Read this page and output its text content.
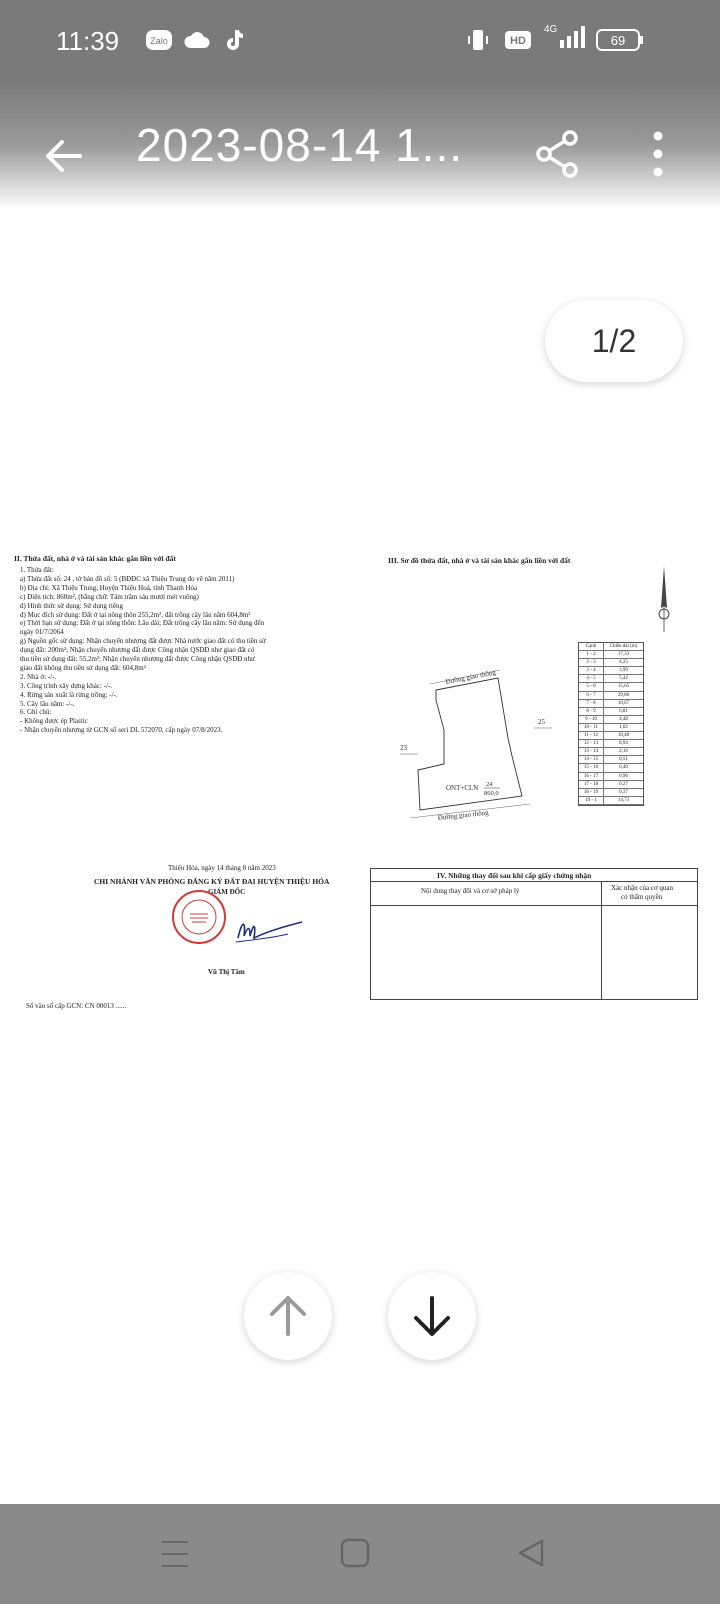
11:39	Zalo	HD
4G
69
2023-08-14 1...
1/2
II. Thửa đất, nhà ở và tài sản khác gắn liền với đất
1. Thửa đất:
a) Thửa đất số: 24 , tờ bản đồ số: 5 (BĐĐC xã Thiệu Trung đo vẽ năm 2011)
b) Địa chỉ: Xã Thiệu Trung, Huyện Thiệu Hoá, tỉnh Thanh Hóa
c) Diện tích: 860m², (bằng chữ: Tám trăm sáu mươi mét vuông)
d) Hình thức sử dụng: Sử dụng riêng
đ) Mục đích sử dụng: Đất ở tại nông thôn 255,2m², đất trồng cây lâu năm 604,8m²
e) Thời hạn sử dụng: Đất ở tại nông thôn: Lâu dài; Đất trồng cây lâu năm: Sử dụng đến
ngày 01/7/2064
g) Nguồn gốc sử dụng: Nhận chuyển nhượng đất được Nhà nước giao đất có thu tiền sử
dụng đất: 200m²; Nhận chuyển nhượng đất được Công nhận QSDĐ như giao đất có
thu tiền sử dụng đất: 55,2m²; Nhận chuyển nhượng đất được Công nhận QSDĐ như
giao đất không thu tiền sử dụng đất: 604,8m²
2. Nhà ở: -/-.
3. Công trình xây dựng khác: -/-.
4. Rừng sản xuất là rừng trồng: -/-.
5. Cây lâu năm: -/-.
6. Ghi chú:
- Không được ép Plastic
- Nhận chuyển nhượng từ GCN số seri DL 572070, cấp ngày 07/8/2023.
III. Sơ đồ thửa đất, nhà ở và tài sản khác gắn liền với đất
Đường giao thông
Đường giao thông
ONT+CLN 24
860,0
23
25
Cạnh	Chiều dài (m)
1 - 2	17,33
2 - 3	4,25
3 - 4	3,99
4 - 5	5,42
5 - 6	15,65
6 - 7	29,86
7 - 8	10,67
8 - 9	6,81
9 - 10	4,48
10 - 11	1,02
11 - 12	10,48
12 - 13	8,94
13 - 14	2,16
14 - 15	0,51
15 - 16	0,40
16 - 17	0,96
17 - 18	0,27
18 - 19	0,37
19 - 1	14,73
Thiệu Hóa, ngày 14 tháng 8 năm 2023
CHI NHÁNH VĂN PHÒNG ĐĂNG KÝ ĐẤT ĐAI HUYỆN THIỆU HÓA
GIÁM ĐỐC
Vũ Thị Tâm
Số vào sổ cấp GCN: CN 00013 ......
IV. Những thay đổi sau khi cấp giấy chứng nhận
Nội dung thay đổi và cơ sở pháp lý	Xác nhận của cơ quan
có thẩm quyền
